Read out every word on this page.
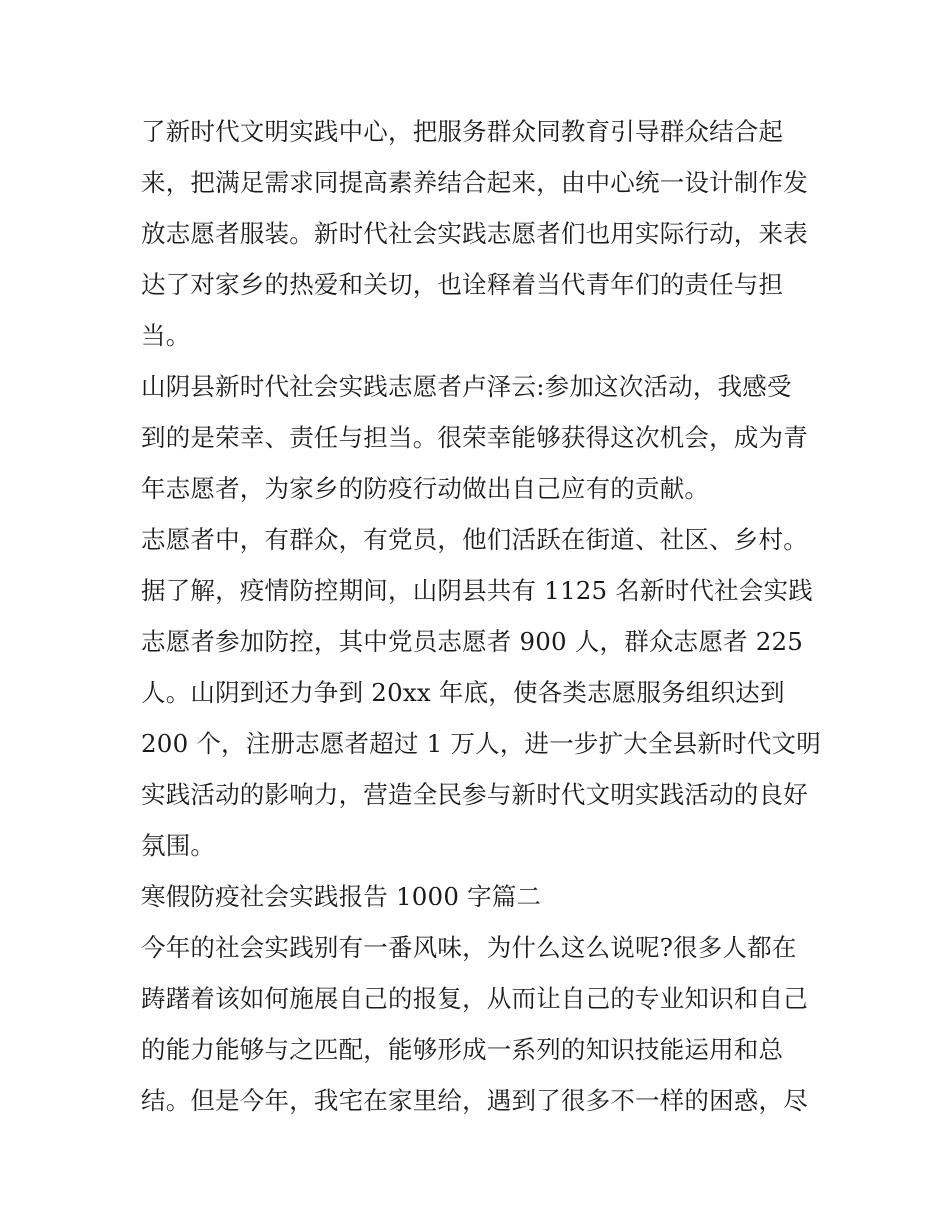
了新时代文明实践中心，把服务群众同教育引导群众结合起
来，把满足需求同提高素养结合起来，由中心统一设计制作发
放志愿者服装。新时代社会实践志愿者们也用实际行动，来表
达了对家乡的热爱和关切，也诠释着当代青年们的责任与担
当。
山阴县新时代社会实践志愿者卢泽云:参加这次活动，我感受
到的是荣幸、责任与担当。很荣幸能够获得这次机会，成为青
年志愿者，为家乡的防疫行动做出自己应有的贡献。
志愿者中，有群众，有党员，他们活跃在街道、社区、乡村。
据了解，疫情防控期间，山阴县共有 1125 名新时代社会实践
志愿者参加防控，其中党员志愿者 900 人，群众志愿者 225
人。山阴到还力争到 20xx 年底，使各类志愿服务组织达到
200 个，注册志愿者超过 1 万人，进一步扩大全县新时代文明
实践活动的影响力，营造全民参与新时代文明实践活动的良好
氛围。
寒假防疫社会实践报告 1000 字篇二
今年的社会实践别有一番风味，为什么这么说呢?很多人都在
踌躇着该如何施展自己的报复，从而让自己的专业知识和自己
的能力能够与之匹配，能够形成一系列的知识技能运用和总
结。但是今年，我宅在家里给，遇到了很多不一样的困惑，尽
